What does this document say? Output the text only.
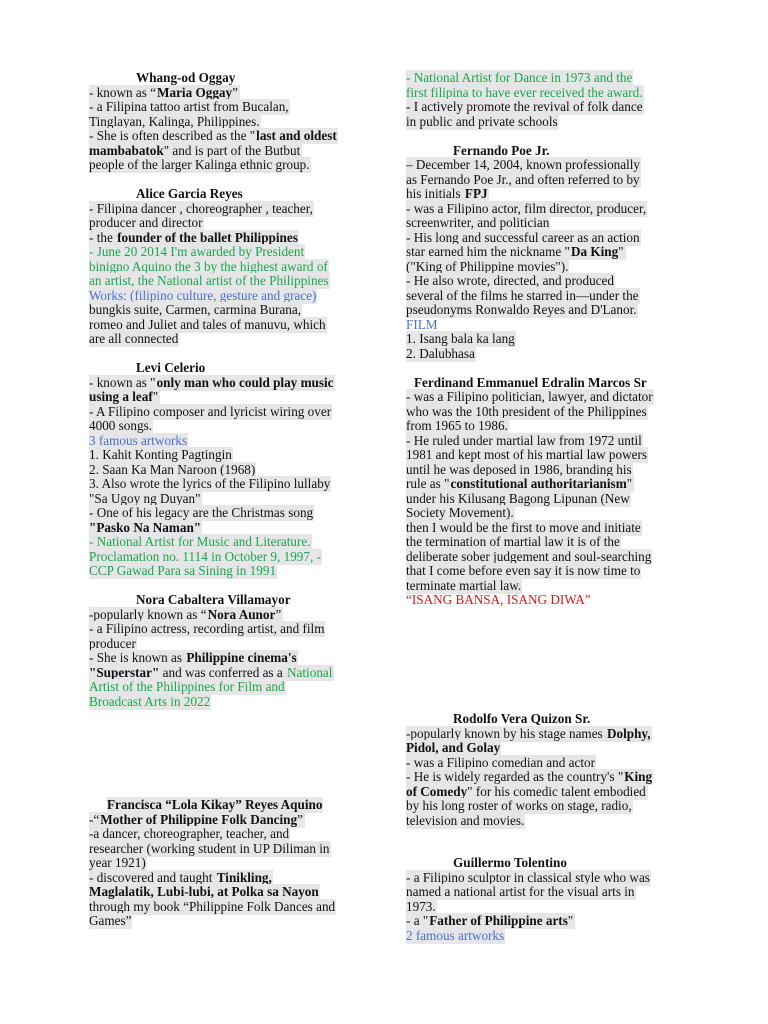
Whang-od Oggay
- known as “Maria Oggay”
- a Filipina tattoo artist from Bucalan,
Tinglayan, Kalinga, Philippines.
- She is often described as the "last and oldest
mambabatok" and is part of the Butbut
people of the larger Kalinga ethnic group.
Alice Garcia Reyes
- Filipina dancer , choreographer , teacher,
producer and director
- the founder of the ballet Philippines
- June 20 2014 I'm awarded by President
binigno Aquino the 3 by the highest award of
an artist, the National artist of the Philippines
Works: (filipino culture, gesture and grace)
bungkis suite, Carmen, carmina Burana,
romeo and Juliet and tales of manuvu, which
are all connected
Levi Celerio
- known as "only man who could play music
using a leaf"
- A Filipino composer and lyricist wiring over
4000 songs.
3 famous artworks
1. Kahit Konting Pagtingin
2. Saan Ka Man Naroon (1968)
3. Also wrote the lyrics of the Filipino lullaby
"Sa Ugoy ng Duyan"
- One of his legacy are the Christmas song
"Pasko Na Naman"
- National Artist for Music and Literature.
Proclamation no. 1114 in October 9, 1997, -
CCP Gawad Para sa Sining in 1991
Nora Cabaltera Villamayor
-popularly known as “Nora Aunor”
- a Filipino actress, recording artist, and film
producer
- She is known as Philippine cinema's
"Superstar" and was conferred as a National
Artist of the Philippines for Film and
Broadcast Arts in 2022
Francisca “Lola Kikay” Reyes Aquino
-“Mother of Philippine Folk Dancing”
-a dancer, choreographer, teacher, and
researcher (working student in UP Diliman in
year 1921)
- discovered and taught Tinikling,
Maglalatik, Lubi-lubi, at Polka sa Nayon
through my book “Philippine Folk Dances and
Games”
- National Artist for Dance in 1973 and the
first filipina to have ever received the award.
- I actively promote the revival of folk dance
in public and private schools
Fernando Poe Jr.
– December 14, 2004, known professionally
as Fernando Poe Jr., and often referred to by
his initials FPJ
- was a Filipino actor, film director, producer,
screenwriter, and politician
- His long and successful career as an action
star earned him the nickname "Da King"
("King of Philippine movies").
- He also wrote, directed, and produced
several of the films he starred in—under the
pseudonyms Ronwaldo Reyes and D'Lanor.
FILM
1. Isang bala ka lang
2. Dalubhasa
Ferdinand Emmanuel Edralin Marcos Sr
- was a Filipino politician, lawyer, and dictator
who was the 10th president of the Philippines
from 1965 to 1986.
- He ruled under martial law from 1972 until
1981 and kept most of his martial law powers
until he was deposed in 1986, branding his
rule as "constitutional authoritarianism"
under his Kilusang Bagong Lipunan (New
Society Movement).
then I would be the first to move and initiate
the termination of martial law it is of the
deliberate sober judgement and soul-searching
that I come before even say it is now time to
terminate martial law.
“ISANG BANSA, ISANG DIWA”
Rodolfo Vera Quizon Sr.
-popularly known by his stage names Dolphy,
Pidol, and Golay
- was a Filipino comedian and actor
- He is widely regarded as the country's "King
of Comedy" for his comedic talent embodied
by his long roster of works on stage, radio,
television and movies.
Guillermo Tolentino
- a Filipino sculptor in classical style who was
named a national artist for the visual arts in
1973.
- a "Father of Philippine arts"
2 famous artworks
